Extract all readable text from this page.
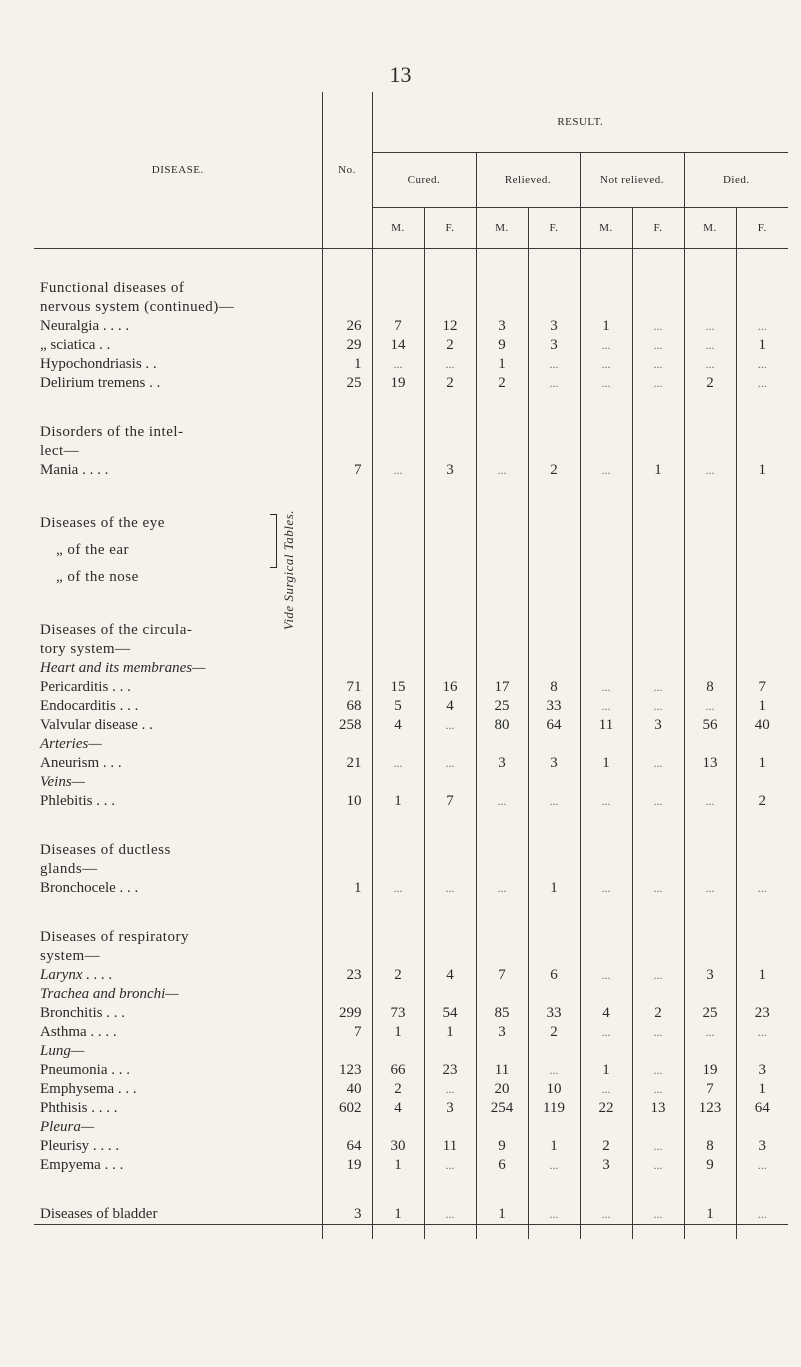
13
DISEASE.	No.	RESULT.							
		Cured.		Relieved.		Not relieved.		Died.	
		M.	F.	M.	F.	M.	F.	M.	F.

Functional diseases of									
nervous system (continued)—									
Neuralgia . . . .	26	7	12	3	3	1	...	...	...
„ sciatica . .	29	14	2	9	3	...	...	...	1
Hypochondriasis . .	1	...	...	1	...	...	...	...	...
Delirium tremens . .	25	19	2	2	...	...	...	2	...

Disorders of the intel-									
lect—									
Mania . . . .	7	...	3	...	2	...	1	...	1

Diseases of the eye Vide Surgical Tables.									

„ of the ear									
„ of the nose									

Diseases of the circula-									
tory system—									
Heart and its membranes—									
Pericarditis . . .	71	15	16	17	8	...	...	8	7
Endocarditis . . .	68	5	4	25	33	...	...	...	1
Valvular disease . .	258	4	...	80	64	11	3	56	40
Arteries—									
Aneurism . . .	21	...	...	3	3	1	...	13	1
Veins—									
Phlebitis . . .	10	1	7	...	...	...	...	...	2

Diseases of ductless									
glands—									
Bronchocele . . .	1	...	...	...	1	...	...	...	...

Diseases of respiratory									
system—									
Larynx . . . .	23	2	4	7	6	...	...	3	1
Trachea and bronchi—									
Bronchitis . . .	299	73	54	85	33	4	2	25	23
Asthma . . . .	7	1	1	3	2	...	...	...	...
Lung—									
Pneumonia . . .	123	66	23	11	...	1	...	19	3
Emphysema . . .	40	2	...	20	10	...	...	7	1
Phthisis . . . .	602	4	3	254	119	22	13	123	64
Pleura—									
Pleurisy . . . .	64	30	11	9	1	2	...	8	3
Empyema . . .	19	1	...	6	...	3	...	9	...

Diseases of bladder	3	1	...	1	...	...	...	1	...
